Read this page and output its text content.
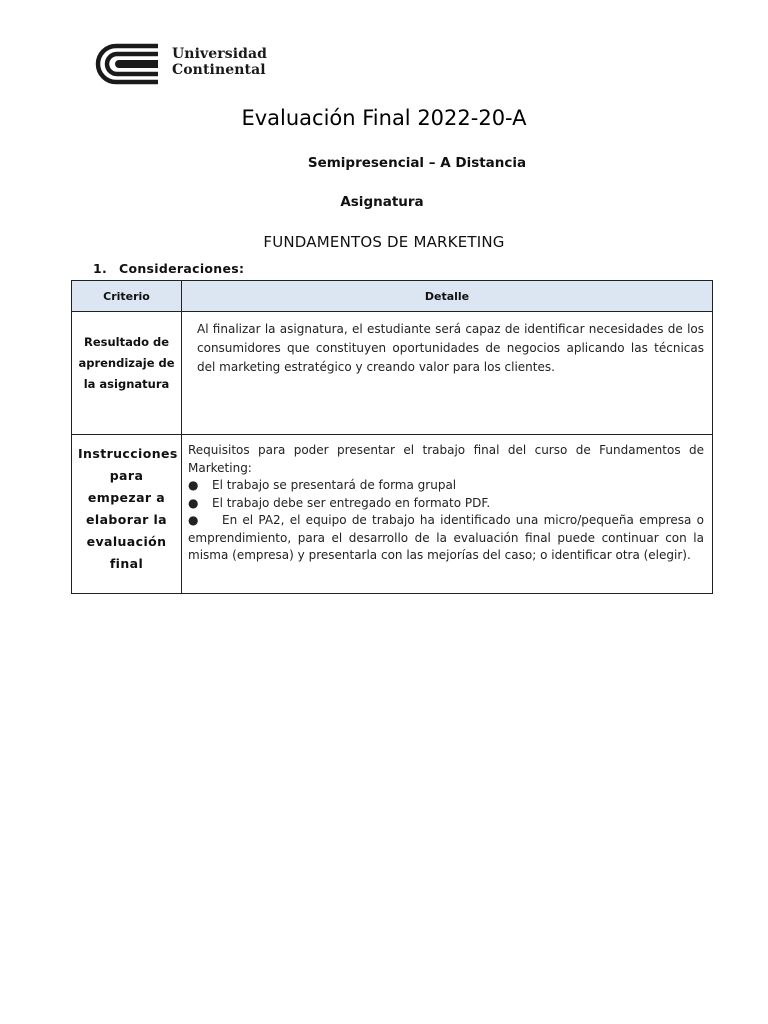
Universidad
Continental
Evaluación Final 2022-20-A
Semipresencial – A Distancia
Asignatura
FUNDAMENTOS DE MARKETING
1. Consideraciones:
Criterio	Detalle
Resultado de aprendizaje de la asignatura	Al finalizar la asignatura, el estudiante será capaz de identificar necesidades de los consumidores que constituyen oportunidades de negocios aplicando las técnicas del marketing estratégico y creando valor para los clientes.
Instrucciones para empezar a elaborar la evaluación final	Requisitos para poder presentar el trabajo final del curso de Fundamentos de Marketing:
● El trabajo se presentará de forma grupal
● El trabajo debe ser entregado en formato PDF.
● En el PA2, el equipo de trabajo ha identificado una micro/pequeña empresa o emprendimiento, para el desarrollo de la evaluación final puede continuar con la misma (empresa) y presentarla con las mejorías del caso; o identificar otra (elegir).
